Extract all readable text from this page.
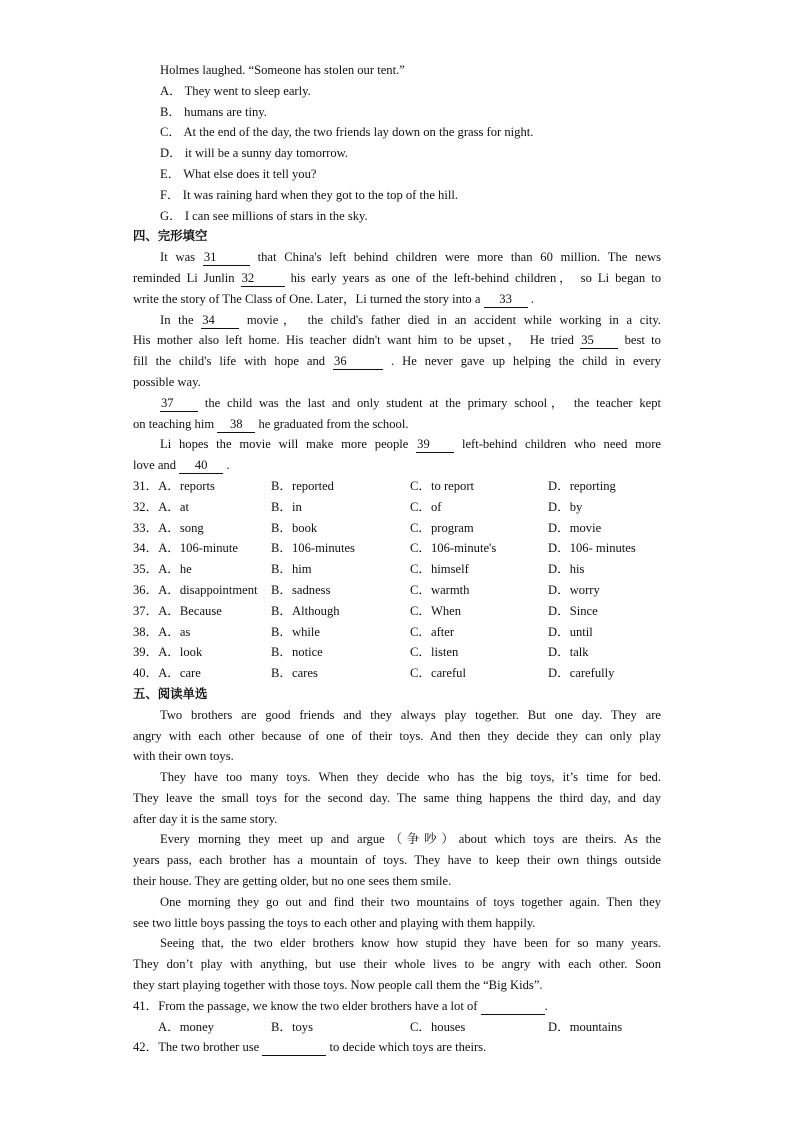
Holmes laughed. “Someone has stolen our tent.”
A． They went to sleep early.
B． humans are tiny.
C． At the end of the day, the two friends lay down on the grass for night.
D． it will be a sunny day tomorrow.
E． What else does it tell you?
F． It was raining hard when they got to the top of the hill.
G． I can see millions of stars in the sky.
四、完形填空
It was 31	that China's left behind children were more than 60 million. The news
reminded Li Junlin 32 his early years as one of the left-behind children， so Li began to
write the story of The Class of One. Later，Li turned the story into a 33 .
In the 34 movie， the child's father died in an accident while working in a city.
His mother also left home. His teacher didn't want him to be upset， He tried 35 best to
fill the child's life with hope and 36	. He never gave up helping the child in every
possible way.
37 the child was the last and only student at the primary school， the teacher kept
on teaching him 38 he graduated from the school.
Li hopes the movie will make more people 39 left-behind children who need more
love and 40 .
31．A．reports	B．reported	C．to report	D．reporting
32．A．at	B．in	C．of	D．by
33．A．song	B．book	C．program	D．movie
34．A．106-minute	B．106-minutes	C．106-minute's	D．106- minutes
35．A．he	B．him	C．himself	D．his
36．A．disappointment B．sadness	C．warmth	D．worry
37．A．Because	B．Although	C．When	D．Since
38．A．as	B．while	C．after	D．until
39．A．look	B．notice	C．listen	D．talk
40．A．care	B．cares	C．careful	D．carefully
五、阅读单选
Two brothers are good friends and they always play together. But one day. They are
angry with each other because of one of their toys. And then they decide they can only play
with their own toys.
They have too many toys. When they decide who has the big toys, it’s time for bed.
They leave the small toys for the second day. The same thing happens the third day, and day
after day it is the same story.
Every morning they meet up and argue（争吵）about which toys are theirs. As the
years pass, each brother has a mountain of toys. They have to keep their own things outside
their house. They are getting older, but no one sees them smile.
One morning they go out and find their two mountains of toys together again. Then they
see two little boys passing the toys to each other and playing with them happily.
Seeing that, the two elder brothers know how stupid they have been for so many years.
They don’t play with anything, but use their whole lives to be angry with each other. Soon
they start playing together with those toys. Now people call them the “Big Kids”.
41．From the passage, we know the two elder brothers have a lot of	.
A．money	B．toys	C．houses	D．mountains
42．The two brother use	to decide which toys are theirs.
